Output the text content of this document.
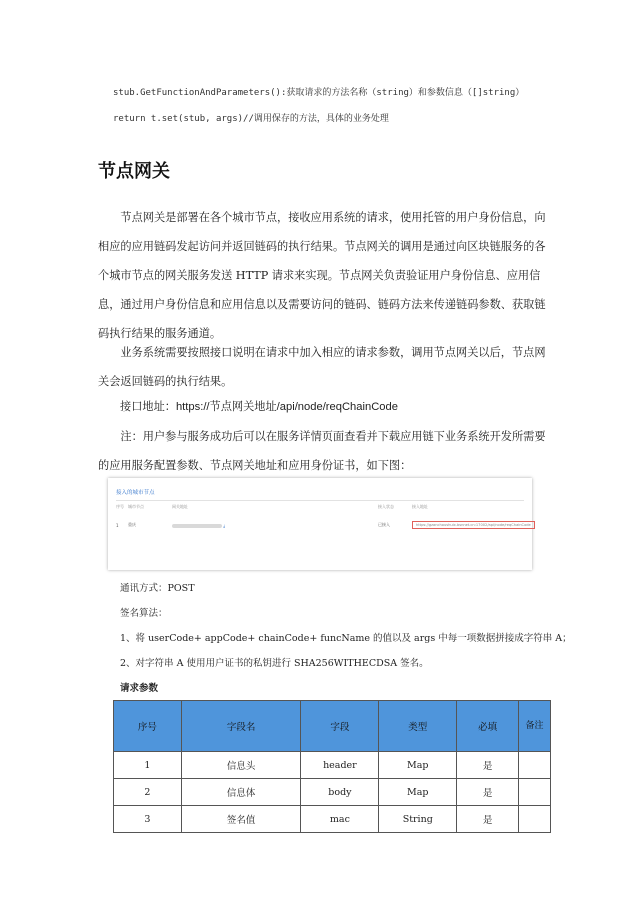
stub.GetFunctionAndParameters():获取请求的方法名称（string）和参数信息（[]string）
return t.set(stub, args)//调用保存的方法，具体的业务处理
节点网关
节点网关是部署在各个城市节点，接收应用系统的请求，使用托管的用户身份信息，向相应的应用链码发起访问并返回链码的执行结果。节点网关的调用是通过向区块链服务的各个城市节点的网关服务发送 HTTP 请求来实现。节点网关负责验证用户身份信息、应用信息，通过用户身份信息和应用信息以及需要访问的链码、链码方法来传递链码参数、获取链码执行结果的服务通道。
业务系统需要按照接口说明在请求中加入相应的请求参数，调用节点网关以后，节点网关会返回链码的执行结果。
接口地址：https://节点网关地址/api/node/reqChainCode
注：用户参与服务成功后可以在服务详情页面查看并下载应用链下业务系统开发所需要的应用服务配置参数、节点网关地址和应用身份证书，如下图：
接入的城市节点
序号	城市节点	网关地址	接入状态	接入地址
1	重庆	⤓	已接入	https://gzanchoushuix.bsnnet.cn:17002/api/node/reqChainCode
通讯方式：POST
签名算法：
1、将 userCode+ appCode+ chainCode+ funcName 的值以及 args 中每一项数据拼接成字符串 A；
2、对字符串 A 使用用户证书的私钥进行 SHA256WITHECDSA 签名。
请求参数
序号	字段名	字段	类型	必填	备注
1	信息头	header	Map	是	
2	信息体	body	Map	是	
3	签名值	mac	String	是	
